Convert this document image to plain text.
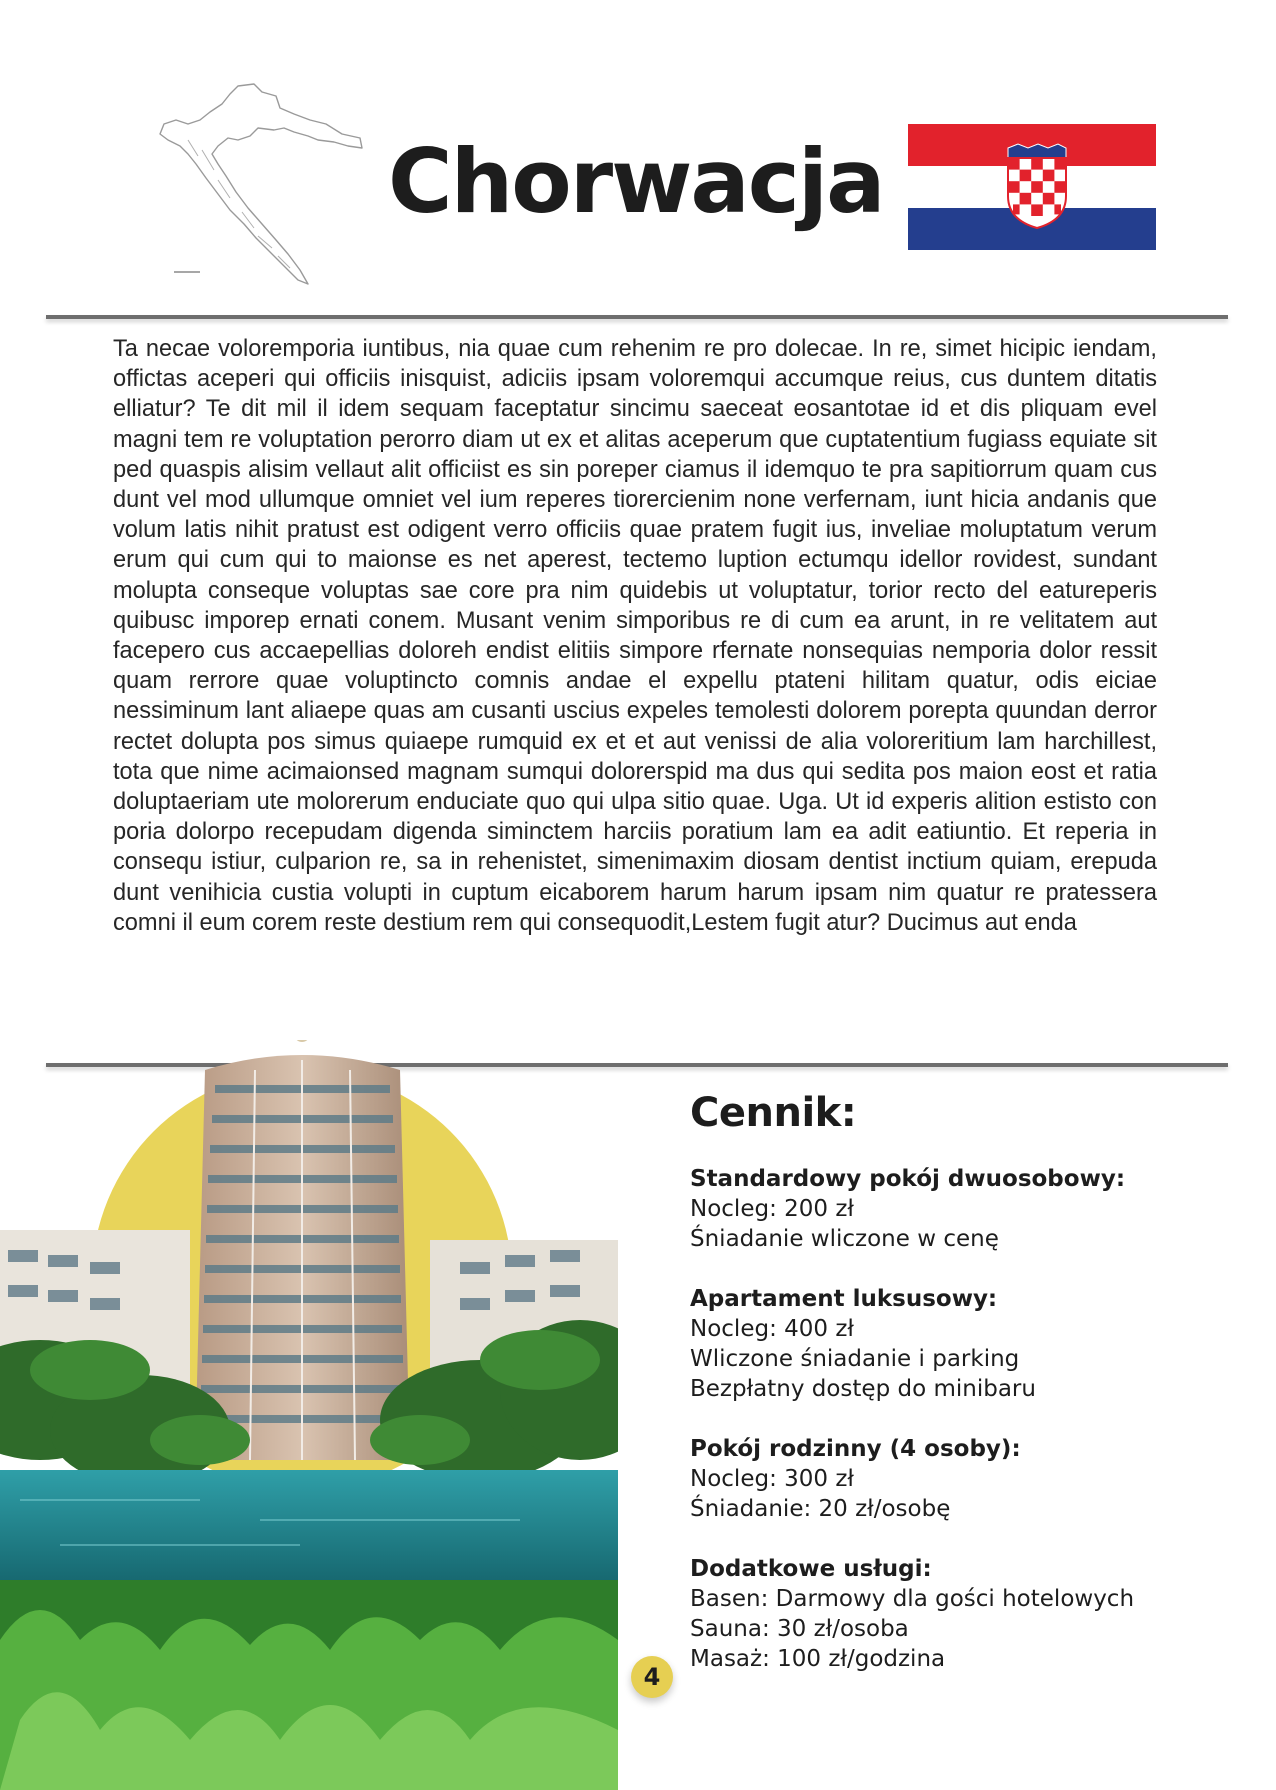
Chorwacja

Ta necae voloremporia iuntibus, nia quae cum rehenim re pro dolecae. In re, simet hicipic iendam, offictas aceperi qui officiis inisquist, adiciis ipsam voloremqui accumque reius, cus duntem ditatis elliatur? Te dit mil il idem sequam faceptatur sincimu saeceat eosantotae id et dis pliquam evel magni tem re voluptation perorro diam ut ex et alitas aceperum que cuptatentium fugiass equiate sit ped quaspis alisim vellaut alit officiist es sin poreper ciamus il idemquo te pra sapitiorrum quam cus dunt vel mod ullumque omniet vel ium reperes tiorercienim none verfernam, iunt hicia andanis que volum latis nihit pratust est odigent verro officiis quae pratem fugit ius, inveliae moluptatum verum erum qui cum qui to maionse es net aperest, tectemo luption ectumqu idellor rovidest, sundant molupta conseque voluptas sae core pra nim quidebis ut voluptatur, torior recto del eatureperis quibusc imporep ernati conem. Musant venim simporibus re di cum ea arunt, in re velitatem aut facepero cus accaepellias doloreh endist elitiis simpore rfernate nonsequias nemporia dolor ressit quam rerrore quae voluptincto comnis andae el expellu ptateni hilitam quatur, odis eiciae nessiminum lant aliaepe quas am cusanti uscius expeles temolesti dolorem porepta quundan derror rectet dolupta pos simus quiaepe rumquid ex et et aut venissi de alia voloreritium lam harchillest, tota que nime acimaionsed magnam sumqui dolorerspid ma dus qui sedita pos maion eost et ratia doluptaeriam ute molorerum enduciate quo qui ulpa sitio quae. Uga. Ut id experis alition estisto con poria dolorpo recepudam digenda siminctem harciis poratium lam ea adit eatiuntio. Et reperia in consequ istiur, culparion re, sa in rehenistet, simenimaxim diosam dentist inctium quiam, erepuda dunt venihicia custia volupti in cuptum eicaborem harum harum ipsam nim quatur re pratessera comni il eum corem reste destium rem qui consequodit,Lestem fugit atur? Ducimus aut enda

Cennik:
Standardowy pokój dwuosobowy:
Nocleg: 200 zł
Śniadanie wliczone w cenę
Apartament luksusowy:
Nocleg: 400 zł
Wliczone śniadanie i parking
Bezpłatny dostęp do minibaru
Pokój rodzinny (4 osoby):
Nocleg: 300 zł
Śniadanie: 20 zł/osobę
Dodatkowe usługi:
Basen: Darmowy dla gości hotelowych
Sauna: 30 zł/osoba
Masaż: 100 zł/godzina
4
